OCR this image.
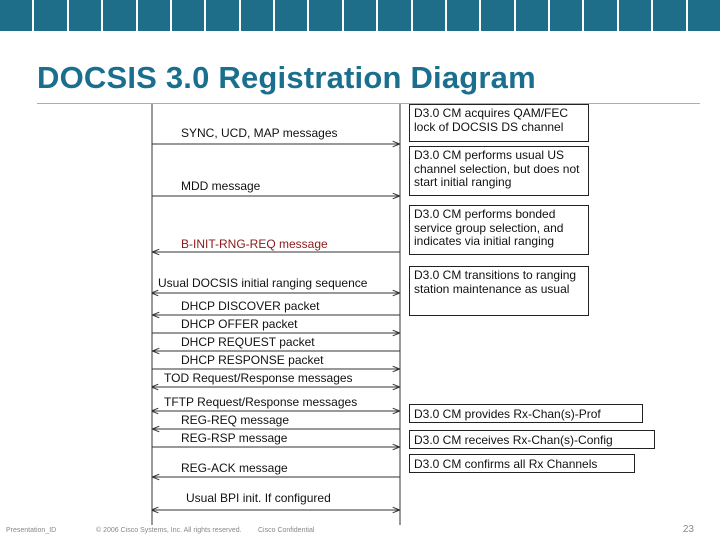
DOCSIS 3.0 Registration Diagram
SYNC, UCD, MAP messages
MDD message
B-INIT-RNG-REQ message
Usual DOCSIS initial ranging sequence
DHCP DISCOVER packet
DHCP OFFER packet
DHCP REQUEST packet
DHCP RESPONSE packet
TOD Request/Response messages
TFTP Request/Response messages
REG-REQ message
REG-RSP message
REG-ACK message
Usual BPI init. If configured
D3.0 CM acquires QAM/FEC lock of DOCSIS DS channel
D3.0 CM performs usual US channel selection, but does not start initial ranging
D3.0 CM performs bonded service group selection, and indicates via initial ranging
D3.0 CM transitions to ranging station maintenance as usual
D3.0 CM provides Rx-Chan(s)-Prof
D3.0 CM receives Rx-Chan(s)-Config
D3.0 CM confirms all Rx Channels
Presentation_ID	© 2006 Cisco Systems, Inc. All rights reserved. Cisco Confidential	23
